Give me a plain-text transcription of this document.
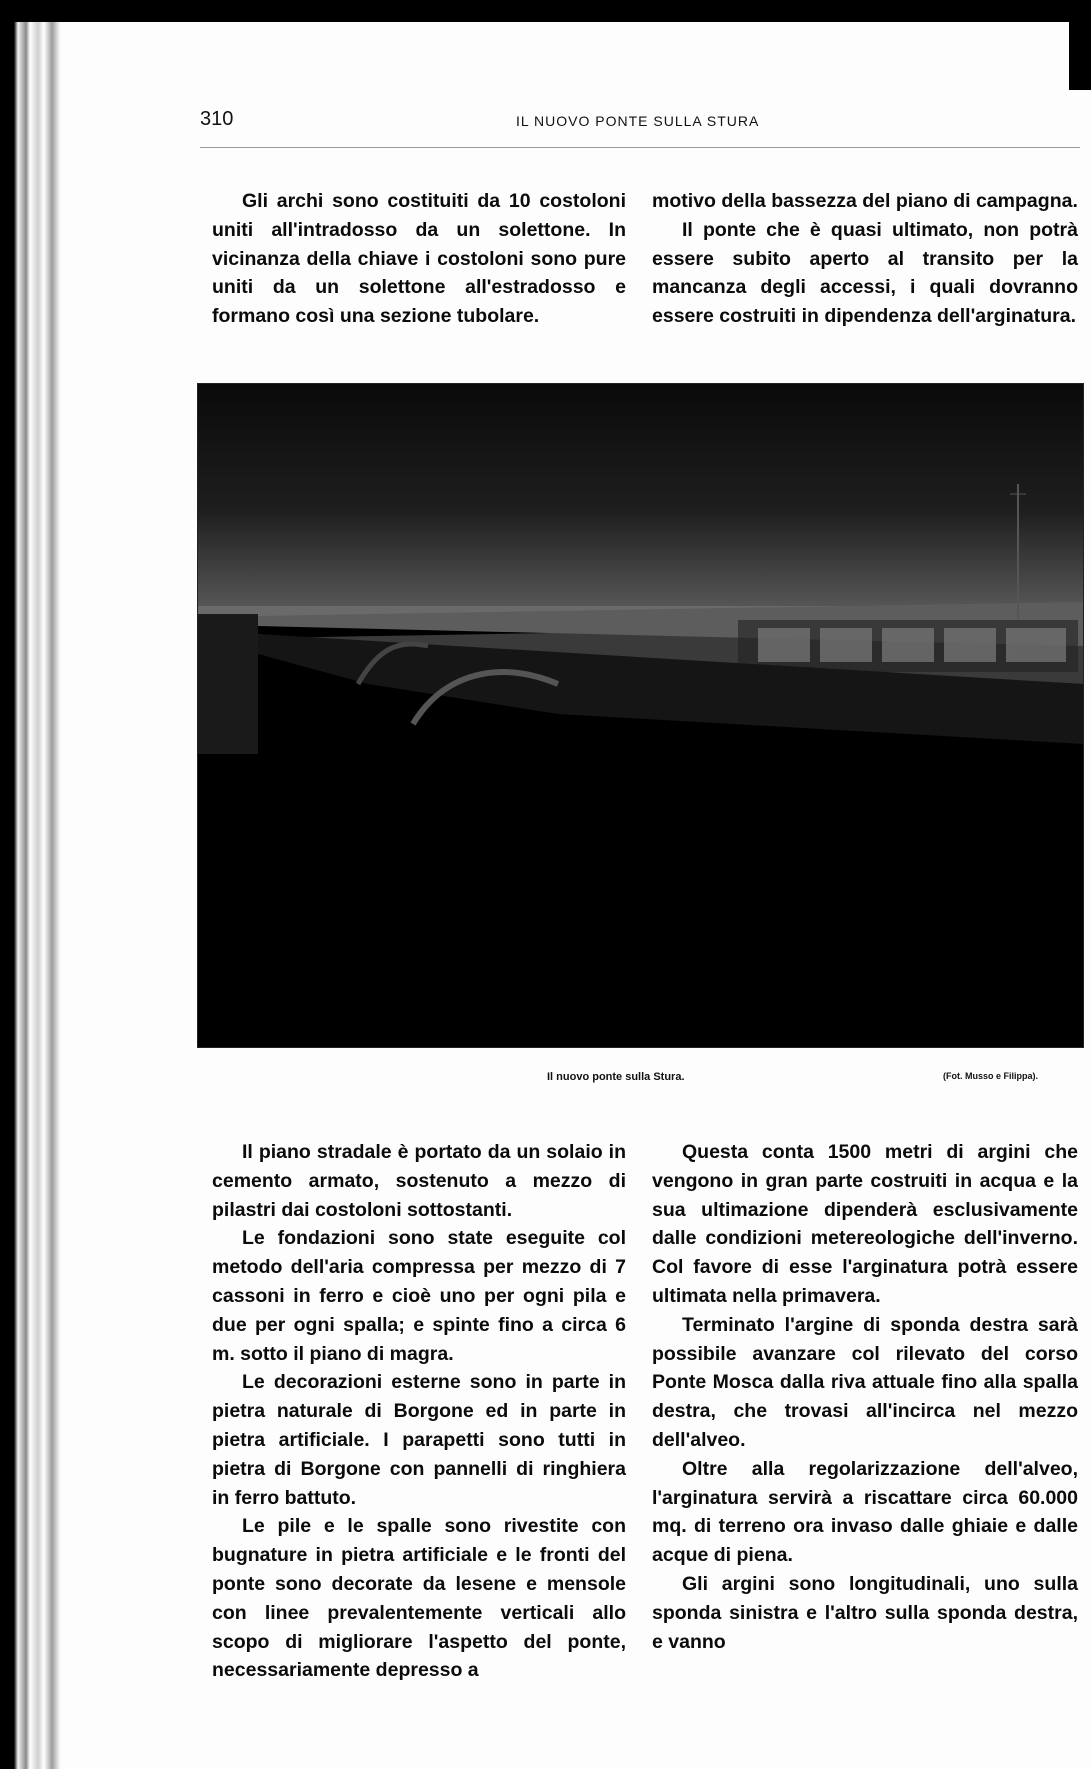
310	IL NUOVO PONTE SULLA STURA

Gli archi sono costituiti da 10 costoloni uniti all'intradosso da un solettone. In vicinanza della chiave i costoloni sono pure uniti da un solettone all'estradosso e formano così una sezione tubolare.

motivo della bassezza del piano di campagna.

Il ponte che è quasi ultimato, non potrà essere subito aperto al transito per la mancanza degli accessi, i quali dovranno essere costruiti in dipendenza dell'arginatura.

Il nuovo ponte sulla Stura.	(Fot. Musso e Filippa).

Il piano stradale è portato da un solaio in cemento armato, sostenuto a mezzo di pilastri dai costoloni sottostanti.

Le fondazioni sono state eseguite col metodo dell'aria compressa per mezzo di 7 cassoni in ferro e cioè uno per ogni pila e due per ogni spalla; e spinte fino a circa 6 m. sotto il piano di magra.

Le decorazioni esterne sono in parte in pietra naturale di Borgone ed in parte in pietra artificiale. I parapetti sono tutti in pietra di Borgone con pannelli di ringhiera in ferro battuto.

Le pile e le spalle sono rivestite con bugnature in pietra artificiale e le fronti del ponte sono decorate da lesene e mensole con linee prevalentemente verticali allo scopo di migliorare l'aspetto del ponte, necessariamente depresso a

Questa conta 1500 metri di argini che vengono in gran parte costruiti in acqua e la sua ultimazione dipenderà esclusivamente dalle condizioni metereologiche dell'inverno. Col favore di esse l'arginatura potrà essere ultimata nella primavera.

Terminato l'argine di sponda destra sarà possibile avanzare col rilevato del corso Ponte Mosca dalla riva attuale fino alla spalla destra, che trovasi all'incirca nel mezzo dell'alveo.

Oltre alla regolarizzazione dell'alveo, l'arginatura servirà a riscattare circa 60.000 mq. di terreno ora invaso dalle ghiaie e dalle acque di piena.

Gli argini sono longitudinali, uno sulla sponda sinistra e l'altro sulla sponda destra, e vanno
